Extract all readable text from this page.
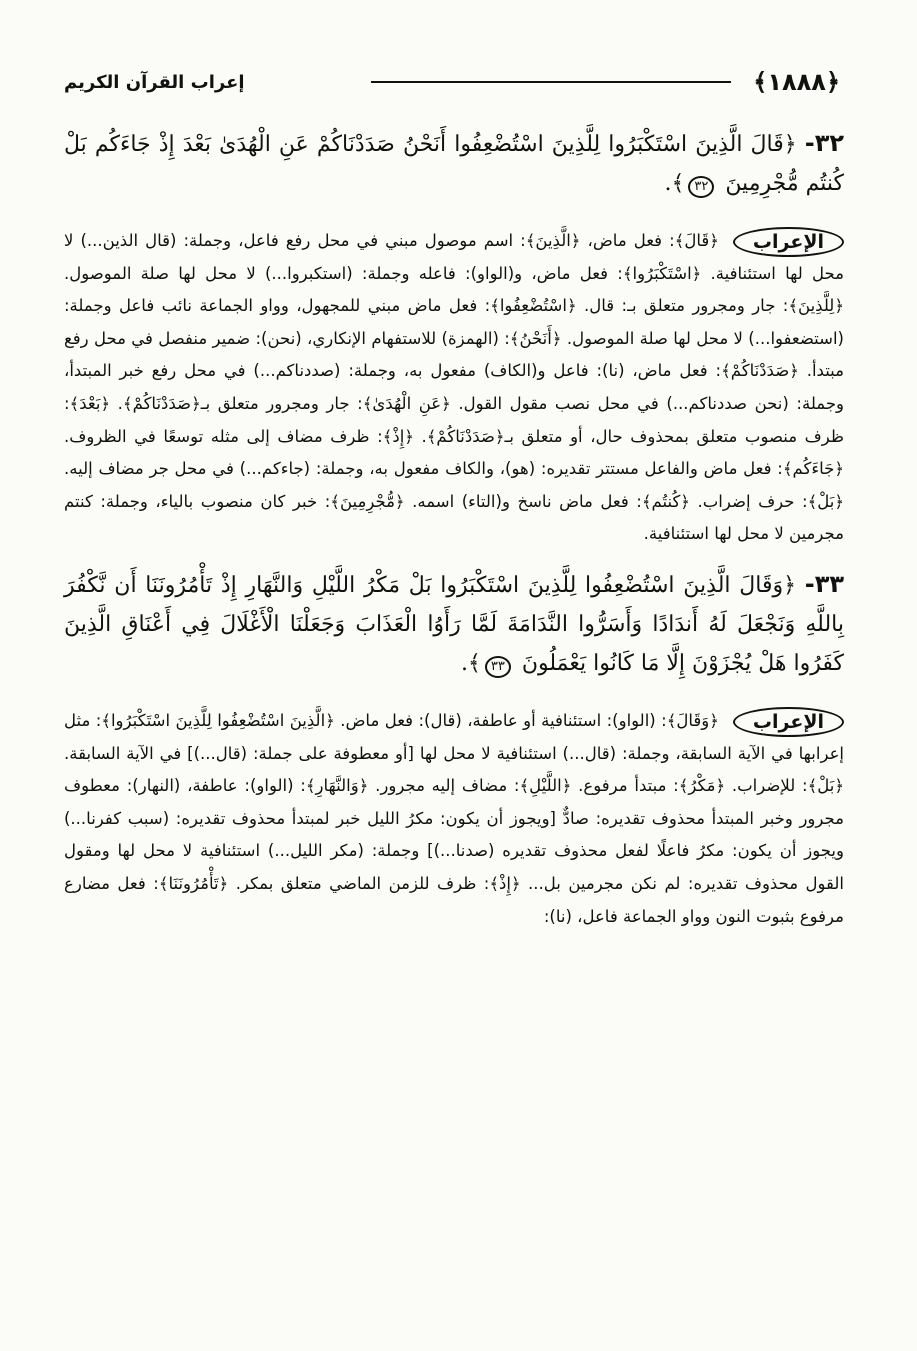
﴿١٨٨٨﴾
إعراب القرآن الكريم
٣٢- ﴿قَالَ الَّذِينَ اسْتَكْبَرُوا لِلَّذِينَ اسْتُضْعِفُوا أَنَحْنُ صَدَدْنَاكُمْ عَنِ الْهُدَىٰ بَعْدَ إِذْ جَاءَكُم بَلْ كُنتُم مُّجْرِمِينَ ٣٢﴾.
الإعراب

﴿قَالَ﴾: فعل ماض، ﴿الَّذِينَ﴾: اسم موصول مبني في محل رفع فاعل، وجملة: (قال الذين...) لا محل لها استئنافية. ﴿اسْتَكْبَرُوا﴾: فعل ماض، و(الواو): فاعله وجملة: (استكبروا...) لا محل لها صلة الموصول. ﴿لِلَّذِينَ﴾: جار ومجرور متعلق بـ: قال. ﴿اسْتُضْعِفُوا﴾: فعل ماض مبني للمجهول، وواو الجماعة نائب فاعل وجملة: (استضعفوا...) لا محل لها صلة الموصول. ﴿أَنَحْنُ﴾: (الهمزة) للاستفهام الإنكاري، (نحن): ضمير منفصل في محل رفع مبتدأ. ﴿صَدَدْنَاكُمْ﴾: فعل ماض، (نا): فاعل و(الكاف) مفعول به، وجملة: (صددناكم...) في محل رفع خبر المبتدأ، وجملة: (نحن صددناكم...) في محل نصب مقول القول. ﴿عَنِ الْهُدَىٰ﴾: جار ومجرور متعلق بـ﴿صَدَدْنَاكُمْ﴾. ﴿بَعْدَ﴾: ظرف منصوب متعلق بمحذوف حال، أو متعلق بـ﴿صَدَدْنَاكُمْ﴾. ﴿إِذْ﴾: ظرف مضاف إلى مثله توسعًا في الظروف. ﴿جَاءَكُم﴾: فعل ماض والفاعل مستتر تقديره: (هو)، والكاف مفعول به، وجملة: (جاءكم...) في محل جر مضاف إليه. ﴿بَلْ﴾: حرف إضراب. ﴿كُنتُم﴾: فعل ماض ناسخ و(التاء) اسمه. ﴿مُّجْرِمِينَ﴾: خبر كان منصوب بالياء، وجملة: كنتم مجرمين لا محل لها استئنافية.

٣٣- ﴿وَقَالَ الَّذِينَ اسْتُضْعِفُوا لِلَّذِينَ اسْتَكْبَرُوا بَلْ مَكْرُ اللَّيْلِ وَالنَّهَارِ إِذْ تَأْمُرُونَنَا أَن نَّكْفُرَ بِاللَّهِ وَنَجْعَلَ لَهُ أَندَادًا وَأَسَرُّوا النَّدَامَةَ لَمَّا رَأَوُا الْعَذَابَ وَجَعَلْنَا الْأَغْلَالَ فِي أَعْنَاقِ الَّذِينَ كَفَرُوا هَلْ يُجْزَوْنَ إِلَّا مَا كَانُوا يَعْمَلُونَ ٣٣﴾.
الإعراب

﴿وَقَالَ﴾: (الواو): استئنافية أو عاطفة، (قال): فعل ماض. ﴿الَّذِينَ اسْتُضْعِفُوا لِلَّذِينَ اسْتَكْبَرُوا﴾: مثل إعرابها في الآية السابقة، وجملة: (قال...) استئنافية لا محل لها [أو معطوفة على جملة: (قال...)] في الآية السابقة. ﴿بَلْ﴾: للإضراب. ﴿مَكْرُ﴾: مبتدأ مرفوع. ﴿اللَّيْلِ﴾: مضاف إليه مجرور. ﴿وَالنَّهَارِ﴾: (الواو): عاطفة، (النهار): معطوف مجرور وخبر المبتدأ محذوف تقديره: صادٌّ [ويجوز أن يكون: مكرُ الليل خبر لمبتدأ محذوف تقديره: (سبب كفرنا...) ويجوز أن يكون: مكرُ فاعلًا لفعل محذوف تقديره (صدنا...)] وجملة: (مكر الليل...) استئنافية لا محل لها ومقول القول محذوف تقديره: لم نكن مجرمين بل... ﴿إِذْ﴾: ظرف للزمن الماضي متعلق بمكر. ﴿تَأْمُرُونَنَا﴾: فعل مضارع مرفوع بثبوت النون وواو الجماعة فاعل، (نا):
